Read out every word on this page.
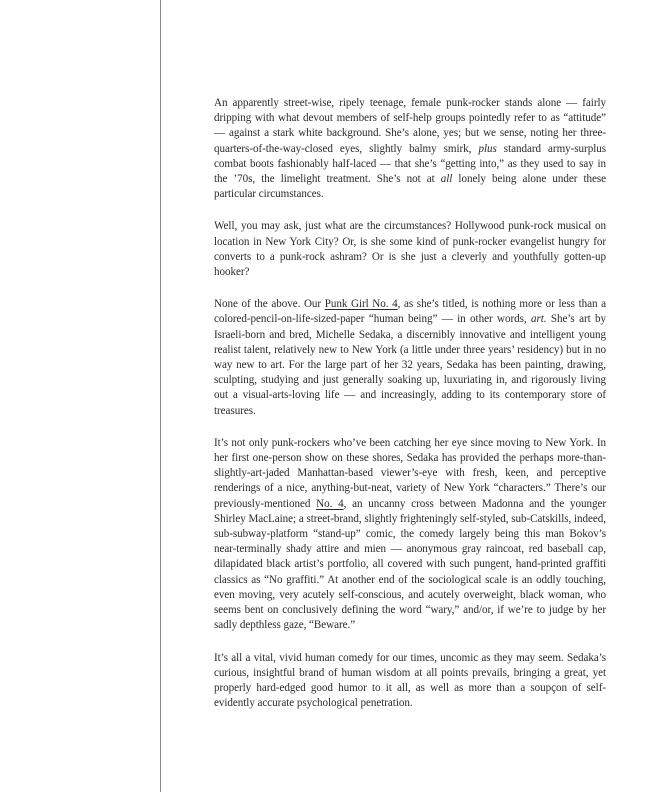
An apparently street-wise, ripely teenage, female punk-rocker stands alone — fairly dripping with what devout members of self-help groups pointedly refer to as “attitude” — against a stark white background. She’s alone, yes; but we sense, noting her three-quarters-of-the-way-closed eyes, slightly balmy smirk, plus standard army-surplus combat boots fashionably half-laced — that she’s “getting into,” as they used to say in the ’70s, the limelight treatment. She’s not at all lonely being alone under these particular circumstances.

Well, you may ask, just what are the circumstances? Hollywood punk-rock musical on location in New York City? Or, is she some kind of punk-rocker evangelist hungry for converts to a punk-rock ashram? Or is she just a cleverly and youthfully gotten-up hooker?

None of the above. Our Punk Girl No. 4, as she’s titled, is nothing more or less than a colored-pencil-on-life-sized-paper “human being” — in other words, art. She’s art by Israeli-born and bred, Michelle Sedaka, a discernibly innovative and intelligent young realist talent, relatively new to New York (a little under three years’ residency) but in no way new to art. For the large part of her 32 years, Sedaka has been painting, drawing, sculpting, studying and just generally soaking up, luxuriating in, and rigorously living out a visual-arts-loving life — and increasingly, adding to its contemporary store of treasures.

It’s not only punk-rockers who’ve been catching her eye since moving to New York. In her first one-person show on these shores, Sedaka has provided the perhaps more-than-slightly-art-jaded Manhattan-based viewer’s-eye with fresh, keen, and perceptive renderings of a nice, anything-but-neat, variety of New York “characters.” There’s our previously-mentioned No. 4, an uncanny cross between Madonna and the younger Shirley MacLaine; a street-brand, slightly frighteningly self-styled, sub-Catskills, indeed, sub-subway-platform “stand-up” comic, the comedy largely being this man Bokov’s near-terminally shady attire and mien — anonymous gray raincoat, red baseball cap, dilapidated black artist’s portfolio, all covered with such pungent, hand-printed graffiti classics as “No graffiti.” At another end of the sociological scale is an oddly touching, even moving, very acutely self-conscious, and acutely overweight, black woman, who seems bent on conclusively defining the word “wary,” and/or, if we’re to judge by her sadly depthless gaze, “Beware.”

It’s all a vital, vivid human comedy for our times, uncomic as they may seem. Sedaka’s curious, insightful brand of human wisdom at all points prevails, bringing a great, yet properly hard-edged good humor to it all, as well as more than a soupçon of self-evidently accurate psychological penetration.
